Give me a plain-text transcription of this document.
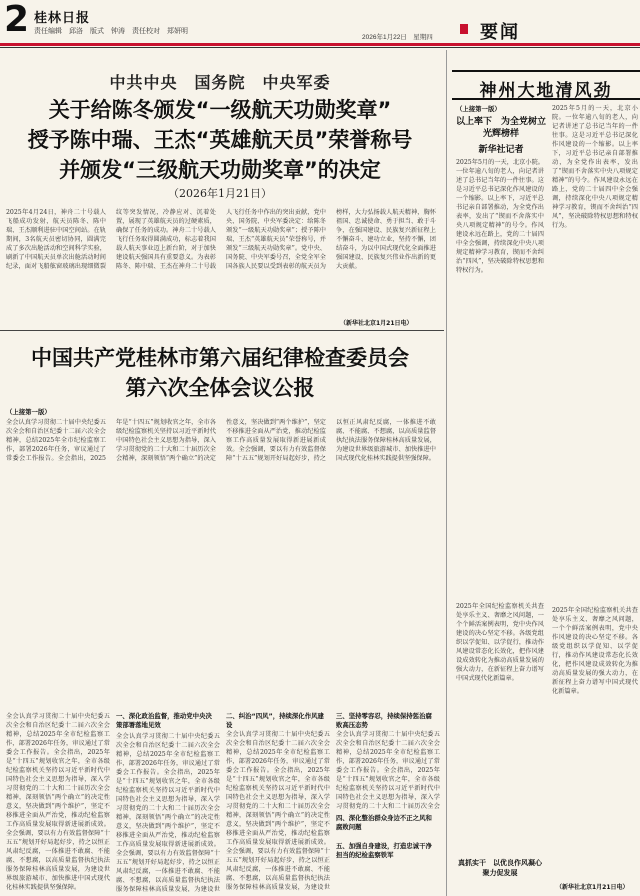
2 桂林日报
责任编辑　邱洛　版式　钟涛　责任校对　郑妍明
2026年1月22日　星期四	要闻
中共中央　国务院　中央军委
关于给陈冬颁发“一级航天功勋奖章”
授予陈中瑞、王杰“英雄航天员”荣誉称号
并颁发“三级航天功勋奖章”的决定
（2026年1月21日）
2025年4月24日，神舟二十号载人飞船成功发射，航天员陈冬、陈中瑞、王杰顺利进驻中国空间站。在轨期间，3名航天员密切协同，圆满完成了多次出舱活动和空间科学实验，刷新了中国航天员单次出舱活动时间纪录，面对飞船舷窗玻璃出现细微裂纹等突发情况，冷静应对、沉着处置，展现了英雄航天员的过硬素质，确保了任务的成功。神舟二十号载人飞行任务取得圆满成功，标志着我国载人航天事业迈上新台阶，对于加快建设航天强国具有重要意义。为表彰陈冬、陈中瑞、王杰在神舟二十号载人飞行任务中作出的突出贡献，党中央、国务院、中央军委决定：给陈冬颁发“一级航天功勋奖章”；授予陈中瑞、王杰“英雄航天员”荣誉称号，并颁发“三级航天功勋奖章”。党中央、国务院、中央军委号召，全党全军全国各族人民要以受到表彰的航天员为榜样，大力弘扬载人航天精神，胸怀祖国、忠诚使命、勇于担当、敢于斗争，在强国建设、民族复兴新征程上不懈奋斗、建功立业，坚持不懈，团结奋斗，为以中国式现代化全面推进强国建设、民族复兴伟业作出新的更大贡献。
（新华社北京1月21日电）
中国共产党桂林市第六届纪律检查委员会
第六次全体会议公报
（上接第一版）
全会认真学习贯彻二十届中央纪委五次全会和自治区纪委十二届六次全会精神，总结2025年全市纪检监察工作，部署2026年任务，审议通过了常委会工作报告。全会指出，2025年是“十四五”规划收官之年，全市各级纪检监察机关坚持以习近平新时代中国特色社会主义思想为指导，深入学习贯彻党的二十大和二十届历次全会精神，深刻领悟“两个确立”的决定性意义，坚决做到“两个维护”，坚定不移推进全面从严治党，推动纪检监察工作高质量发展取得新进展新成效。全会强调，要以有力有效监督保障“十五五”规划开好局起好步，持之以恒正风肃纪反腐，一体推进不敢腐、不能腐、不想腐，以高质量监督执纪执法服务保障桂林高质量发展，为建设世界级旅游城市、加快推进中国式现代化桂林实践提供坚强保障。
一、深化政治监督，推动党中央决策部署落地见效
全会认真学习贯彻二十届中央纪委五次全会和自治区纪委十二届六次全会精神，总结2025年全市纪检监察工作，部署2026年任务，审议通过了常委会工作报告。全会指出，2025年是“十四五”规划收官之年，全市各级纪检监察机关坚持以习近平新时代中国特色社会主义思想为指导，深入学习贯彻党的二十大和二十届历次全会精神，深刻领悟“两个确立”的决定性意义，坚决做到“两个维护”，坚定不移推进全面从严治党，推动纪检监察工作高质量发展取得新进展新成效。全会强调，要以有力有效监督保障“十五五”规划开好局起好步，持之以恒正风肃纪反腐，一体推进不敢腐、不能腐、不想腐，以高质量监督执纪执法服务保障桂林高质量发展，为建设世界级旅游城市、加快推进中国式现代化桂林实践提供坚强保障。
全会认真学习贯彻二十届中央纪委五次全会和自治区纪委十二届六次全会精神，总结2025年全市纪检监察工作，部署2026年任务，审议通过了常委会工作报告。全会指出，2025年是“十四五”规划收官之年，全市各级纪检监察机关坚持以习近平新时代中国特色社会主义思想为指导，深入学习贯彻党的二十大和二十届历次全会精神，深刻领悟“两个确立”的决定性意义，坚决做到“两个维护”，坚定不移推进全面从严治党，推动纪检监察工作高质量发展取得新进展新成效。全会强调，要以有力有效监督保障“十五五”规划开好局起好步，持之以恒正风肃纪反腐，一体推进不敢腐、不能腐、不想腐，以高质量监督执纪执法服务保障桂林高质量发展，为建设世
二、纠治“四风”，持续深化作风建设
全会认真学习贯彻二十届中央纪委五次全会和自治区纪委十二届六次全会精神，总结2025年全市纪检监察工作，部署2026年任务，审议通过了常委会工作报告。全会指出，2025年是“十四五”规划收官之年，全市各级纪检监察机关坚持以习近平新时代中国特色社会主义思想为指导，深入学习贯彻党的二十大和二十届历次全会精神，深刻领悟“两个确立”的决定性意义，坚决做到“两个维护”，坚定不移推进全面从严治党，推动纪检监察工作高质量发展取得新进展新成效。全会强调，要以有力有效监督保障“十五五”规划开好局起好步，持之以恒正风肃纪反腐，一体推进不敢腐、不能腐、不想腐，以高质量监督执纪执法服务保障桂林高质量发展，为建设世
三、坚持零容忍，持续保持惩治腐败高压态势
全会认真学习贯彻二十届中央纪委五次全会和自治区纪委十二届六次全会精神，总结2025年全市纪检监察工作，部署2026年任务，审议通过了常委会工作报告。全会指出，2025年是“十四五”规划收官之年，全市各级纪检监察机关坚持以习近平新时代中国特色社会主义思想为指导，深入学习贯彻党的二十大和二十届历次全会
四、深化整治群众身边不正之风和腐败问题
五、加强自身建设，打造忠诚干净担当的纪检监察铁军
神州大地清风劲
（上接第一版）
以上率下　为全党树立光辉榜样
新华社记者
2025年5月的一天，北京小院。一位年逾八旬的老人，向记者讲述了总书记当年的一件往事。这是习近平总书记深化作风建设的一个缩影。以上率下，习近平总书记亲自部署推动，为全党作出表率，发出了“锲而不舍落实中央八项规定精神”的号令。作风建设永远在路上，党的二十届四中全会强调，持续深化中央八项规定精神学习教育，锲而不舍纠治“四风”，坚决破除特权思想和特权行为。
2025年5月的一天，北京小院。一位年逾八旬的老人，向记者讲述了总书记当年的一件往事。这是习近平总书记深化作风建设的一个缩影。以上率下，习近平总书记亲自部署推动，为全党作出表率，发出了“锲而不舍落实中央八项规定精神”的号令。作风建设永远在路上，党的二十届四中全会强调，持续深化中央八项规定精神学习教育，锲而不舍纠治“四风”，坚决破除特权思想和特权行为。
2025年全国纪检监察机关共查处享乐主义、奢靡之风问题，一个个鲜活案例表明，党中央作风建设的决心坚定不移。各级党组织以学促知、以学促行，推动作风建设常态化长效化，把作风建设成效转化为推动高质量发展的强大动力，在新征程上奋力谱写中国式现代化新篇章。
2025年全国纪检监察机关共查处享乐主义、奢靡之风问题，一个个鲜活案例表明，党中央作风建设的决心坚定不移。各级党组织以学促知、以学促行，推动作风建设常态化长效化，把作风建设成效转化为推动高质量发展的强大动力，在新征程上奋力谱写中国式现代化新篇章。
真抓实干　以优良作风凝心聚力促发展
（新华社北京1月21日电）
